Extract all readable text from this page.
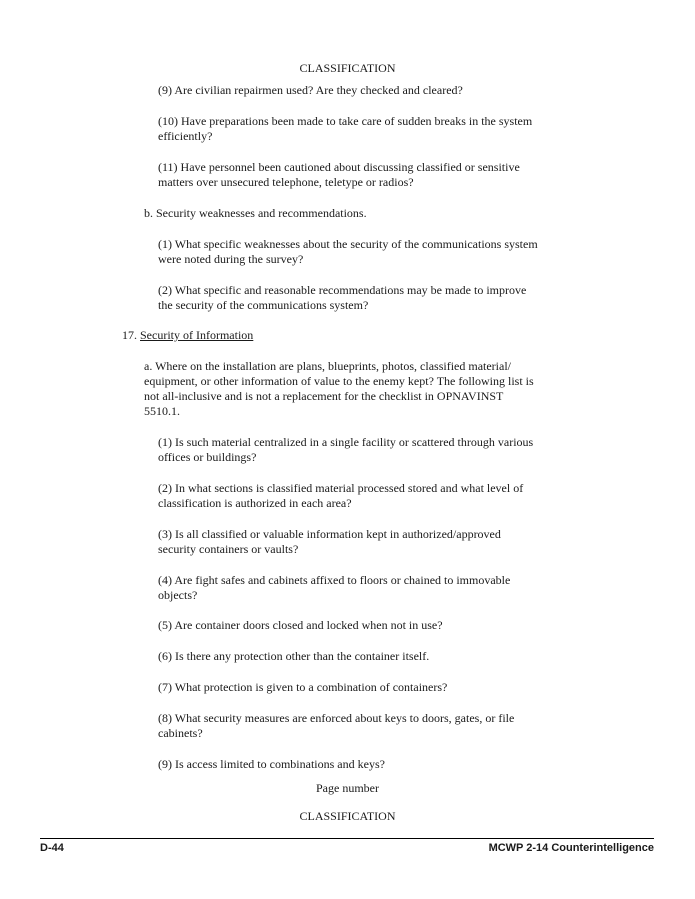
CLASSIFICATION
(9) Are civilian repairmen used? Are they checked and cleared?
(10) Have preparations been made to take care of sudden breaks in the system
efficiently?
(11) Have personnel been cautioned about discussing classified or sensitive
matters over unsecured telephone, teletype or radios?
b. Security weaknesses and recommendations.
(1) What specific weaknesses about the security of the communications system
were noted during the survey?
(2) What specific and reasonable recommendations may be made to improve
the security of the communications system?
17. Security of Information
a. Where on the installation are plans, blueprints, photos, classified material/
equipment, or other information of value to the enemy kept? The following list is
not all-inclusive and is not a replacement for the checklist in OPNAVINST
5510.1.
(1) Is such material centralized in a single facility or scattered through various
offices or buildings?
(2) In what sections is classified material processed stored and what level of
classification is authorized in each area?
(3) Is all classified or valuable information kept in authorized/approved
security containers or vaults?
(4) Are fight safes and cabinets affixed to floors or chained to immovable
objects?
(5) Are container doors closed and locked when not in use?
(6) Is there any protection other than the container itself.
(7) What protection is given to a combination of containers?
(8) What security measures are enforced about keys to doors, gates, or file
cabinets?
(9) Is access limited to combinations and keys?
Page number
CLASSIFICATION
D-44	MCWP 2-14 Counterintelligence
